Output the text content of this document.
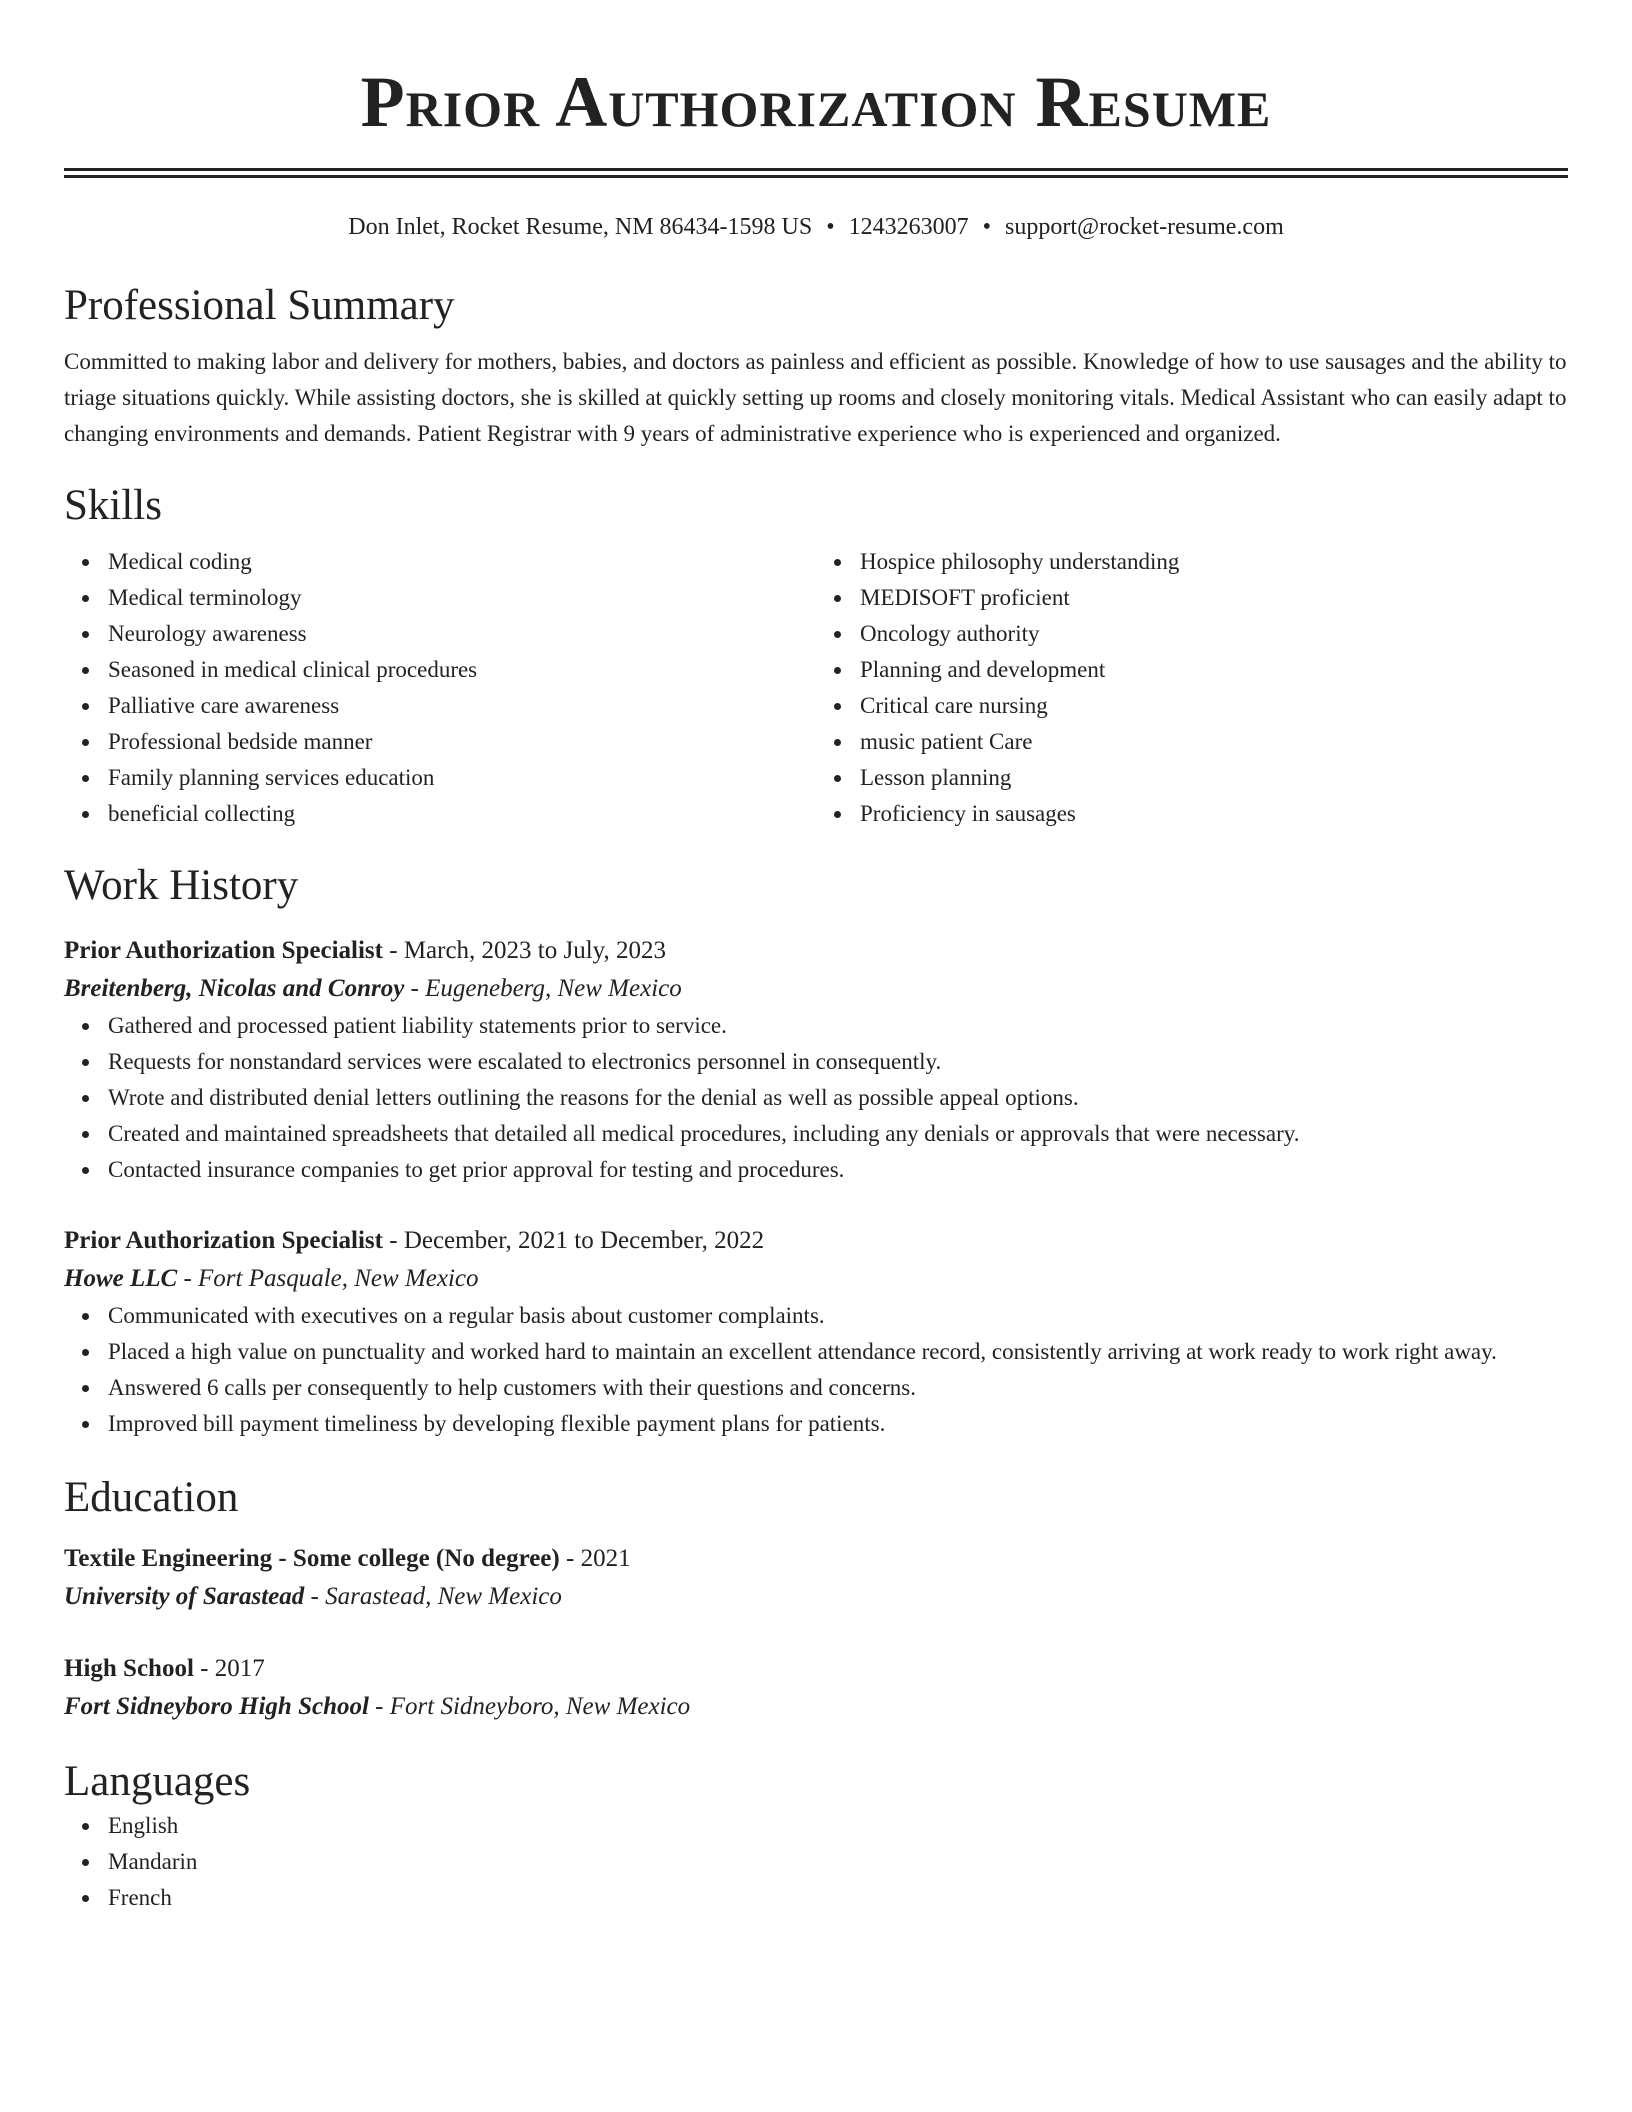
Prior Authorization Resume
Don Inlet, Rocket Resume, NM 86434-1598 US • 1243263007 • support@rocket-resume.com
Professional Summary

Committed to making labor and delivery for mothers, babies, and doctors as painless and efficient as possible. Knowledge of how to use sausages and the ability to triage situations quickly. While assisting doctors, she is skilled at quickly setting up rooms and closely monitoring vitals. Medical Assistant who can easily adapt to changing environments and demands. Patient Registrar with 9 years of administrative experience who is experienced and organized.

Skills
Medical coding
Medical terminology
Neurology awareness
Seasoned in medical clinical procedures
Palliative care awareness
Professional bedside manner
Family planning services education
beneficial collecting
Hospice philosophy understanding
MEDISOFT proficient
Oncology authority
Planning and development
Critical care nursing
music patient Care
Lesson planning
Proficiency in sausages
Work History
Prior Authorization Specialist - March, 2023 to July, 2023
Breitenberg, Nicolas and Conroy - Eugeneberg, New Mexico
Gathered and processed patient liability statements prior to service.
Requests for nonstandard services were escalated to electronics personnel in consequently.
Wrote and distributed denial letters outlining the reasons for the denial as well as possible appeal options.
Created and maintained spreadsheets that detailed all medical procedures, including any denials or approvals that were necessary.
Contacted insurance companies to get prior approval for testing and procedures.
Prior Authorization Specialist - December, 2021 to December, 2022
Howe LLC - Fort Pasquale, New Mexico
Communicated with executives on a regular basis about customer complaints.
Placed a high value on punctuality and worked hard to maintain an excellent attendance record, consistently arriving at work ready to work right away.
Answered 6 calls per consequently to help customers with their questions and concerns.
Improved bill payment timeliness by developing flexible payment plans for patients.
Education
Textile Engineering - Some college (No degree) - 2021
University of Sarastead - Sarastead, New Mexico
High School - 2017
Fort Sidneyboro High School - Fort Sidneyboro, New Mexico
Languages
English
Mandarin
French
